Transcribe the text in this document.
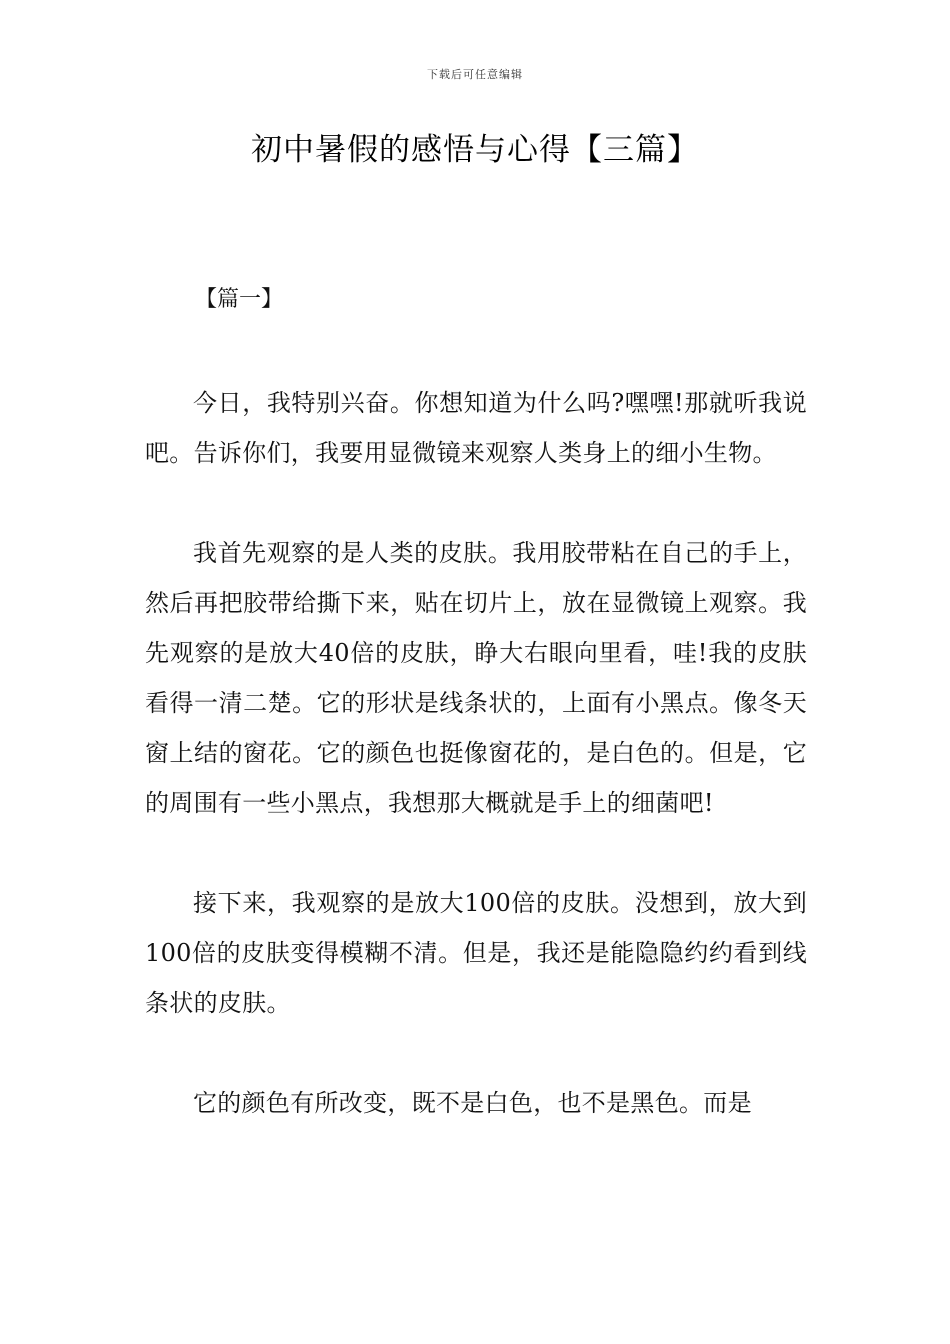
下载后可任意编辑
初中暑假的感悟与心得【三篇】
【篇一】

今日，我特别兴奋。你想知道为什么吗?嘿嘿!那就听我说吧。告诉你们，我要用显微镜来观察人类身上的细小生物。

我首先观察的是人类的皮肤。我用胶带粘在自己的手上，然后再把胶带给撕下来，贴在切片上，放在显微镜上观察。我先观察的是放大40倍的皮肤，睁大右眼向里看，哇!我的皮肤看得一清二楚。它的形状是线条状的，上面有小黑点。像冬天窗上结的窗花。它的颜色也挺像窗花的，是白色的。但是，它的周围有一些小黑点，我想那大概就是手上的细菌吧!

接下来，我观察的是放大100倍的皮肤。没想到，放大到100倍的皮肤变得模糊不清。但是，我还是能隐隐约约看到线条状的皮肤。

它的颜色有所改变，既不是白色，也不是黑色。而是
